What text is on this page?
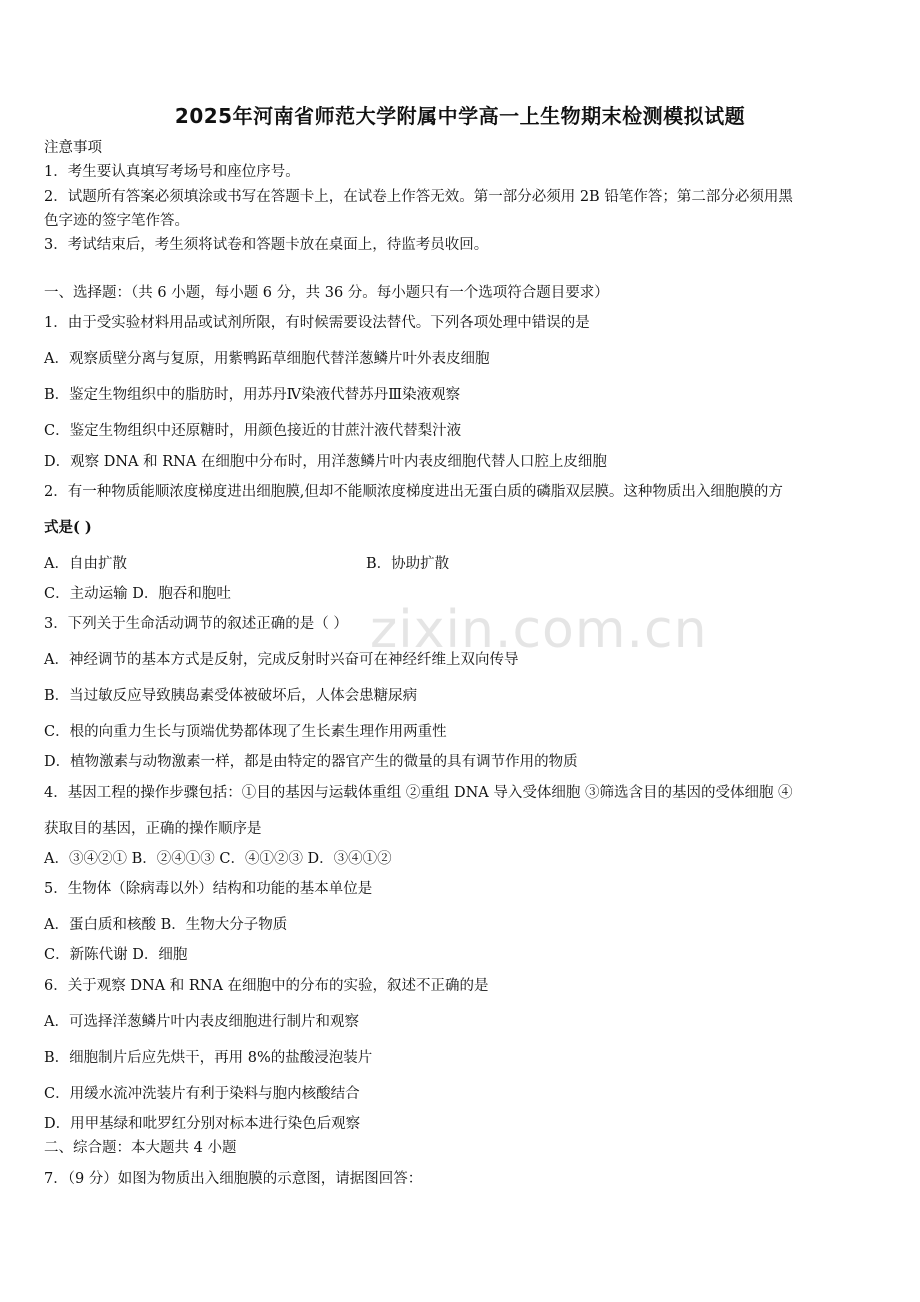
2025年河南省师范大学附属中学高一上生物期末检测模拟试题
zixin.com.cn
注意事项
1．考生要认真填写考场号和座位序号。
2．试题所有答案必须填涂或书写在答题卡上，在试卷上作答无效。第一部分必须用 2B 铅笔作答；第二部分必须用黑
色字迹的签字笔作答。
3．考试结束后，考生须将试卷和答题卡放在桌面上，待监考员收回。
一、选择题：（共 6 小题，每小题 6 分，共 36 分。每小题只有一个选项符合题目要求）
1．由于受实验材料用品或试剂所限，有时候需要设法替代。下列各项处理中错误的是
A．观察质壁分离与复原，用紫鸭跖草细胞代替洋葱鳞片叶外表皮细胞
B．鉴定生物组织中的脂肪时，用苏丹Ⅳ染液代替苏丹Ⅲ染液观察
C．鉴定生物组织中还原糖时，用颜色接近的甘蔗汁液代替梨汁液
D．观察 DNA 和 RNA 在细胞中分布时，用洋葱鳞片叶内表皮细胞代替人口腔上皮细胞
2．有一种物质能顺浓度梯度进出细胞膜,但却不能顺浓度梯度进出无蛋白质的磷脂双层膜。这种物质出入细胞膜的方
式是( )
A．自由扩散	B．协助扩散
C．主动运输 D．胞吞和胞吐
3．下列关于生命活动调节的叙述正确的是（ ）
A．神经调节的基本方式是反射，完成反射时兴奋可在神经纤维上双向传导
B．当过敏反应导致胰岛素受体被破坏后，人体会患糖尿病
C．根的向重力生长与顶端优势都体现了生长素生理作用两重性
D．植物激素与动物激素一样，都是由特定的器官产生的微量的具有调节作用的物质
4．基因工程的操作步骤包括：①目的基因与运载体重组 ②重组 DNA 导入受体细胞 ③筛选含目的基因的受体细胞 ④
获取目的基因，正确的操作顺序是
A．③④②① B．②④①③ C．④①②③ D．③④①②
5．生物体（除病毒以外）结构和功能的基本单位是
A．蛋白质和核酸 B．生物大分子物质
C．新陈代谢 D．细胞
6．关于观察 DNA 和 RNA 在细胞中的分布的实验，叙述不正确的是
A．可选择洋葱鳞片叶内表皮细胞进行制片和观察
B．细胞制片后应先烘干，再用 8%的盐酸浸泡装片
C．用缓水流冲洗装片有利于染料与胞内核酸结合
D．用甲基绿和吡罗红分别对标本进行染色后观察
二、综合题：本大题共 4 小题
7．（9 分）如图为物质出入细胞膜的示意图，请据图回答：
